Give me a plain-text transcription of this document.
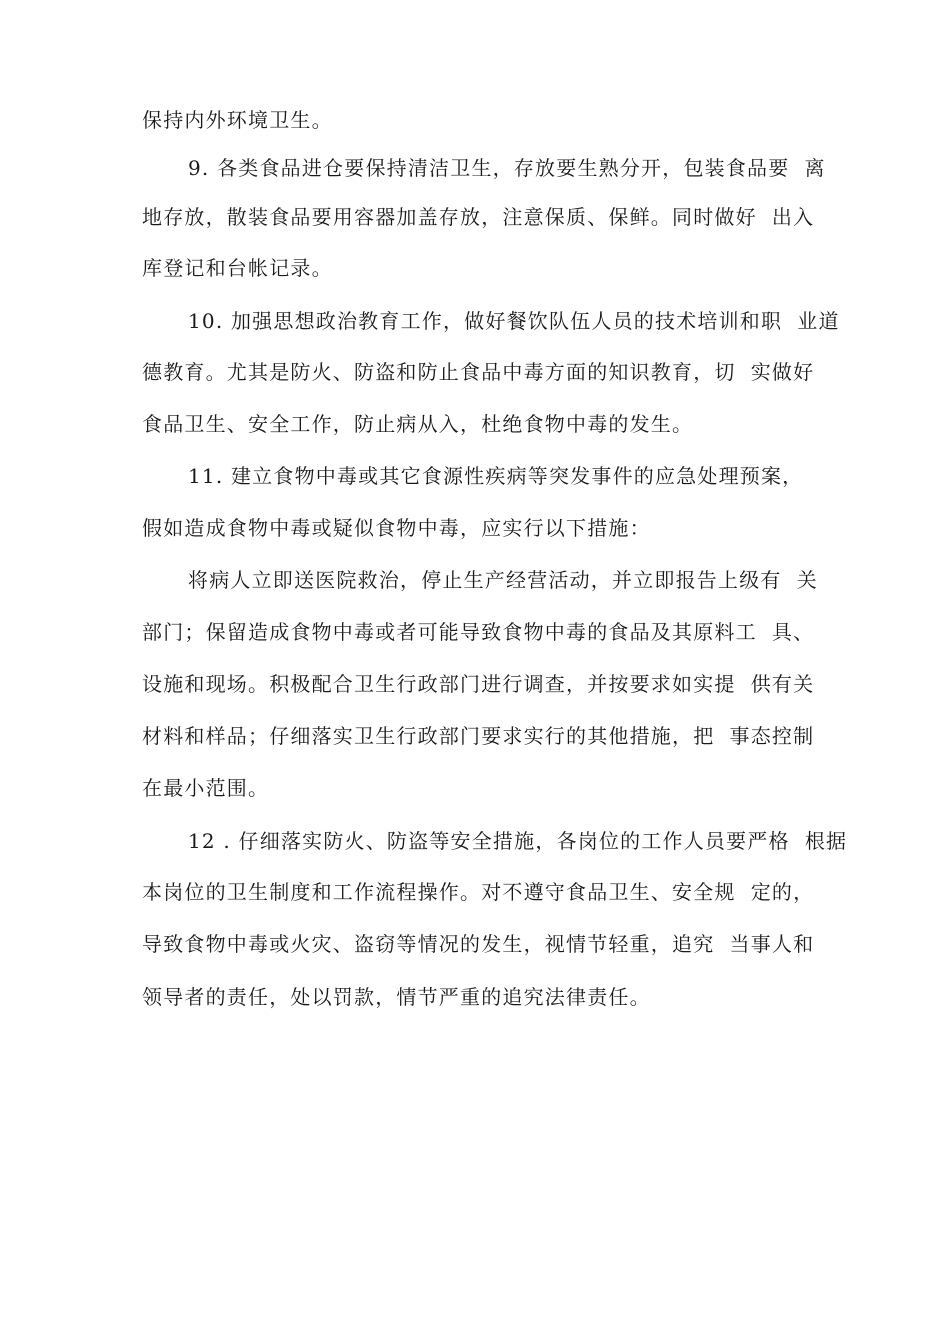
保持内外环境卫生。
9. 各类食品进仓要保持清洁卫生，存放要生熟分开，包装食品要  离
地存放，散装食品要用容器加盖存放，注意保质、保鲜。同时做好  出入
库登记和台帐记录。
10. 加强思想政治教育工作，做好餐饮队伍人员的技术培训和职  业道
德教育。尤其是防火、防盗和防止食品中毒方面的知识教育，切  实做好
食品卫生、安全工作，防止病从入，杜绝食物中毒的发生。
11. 建立食物中毒或其它食源性疾病等突发事件的应急处理预案，
假如造成食物中毒或疑似食物中毒，应实行以下措施：
将病人立即送医院救治，停止生产经营活动，并立即报告上级有  关
部门；保留造成食物中毒或者可能导致食物中毒的食品及其原料工  具、
设施和现场。积极配合卫生行政部门进行调查，并按要求如实提  供有关
材料和样品；仔细落实卫生行政部门要求实行的其他措施，把  事态控制
在最小范围。
12 . 仔细落实防火、防盗等安全措施，各岗位的工作人员要严格  根据
本岗位的卫生制度和工作流程操作。对不遵守食品卫生、安全规  定的，
导致食物中毒或火灾、盗窃等情况的发生，视情节轻重，追究  当事人和
领导者的责任，处以罚款，情节严重的追究法律责任。
